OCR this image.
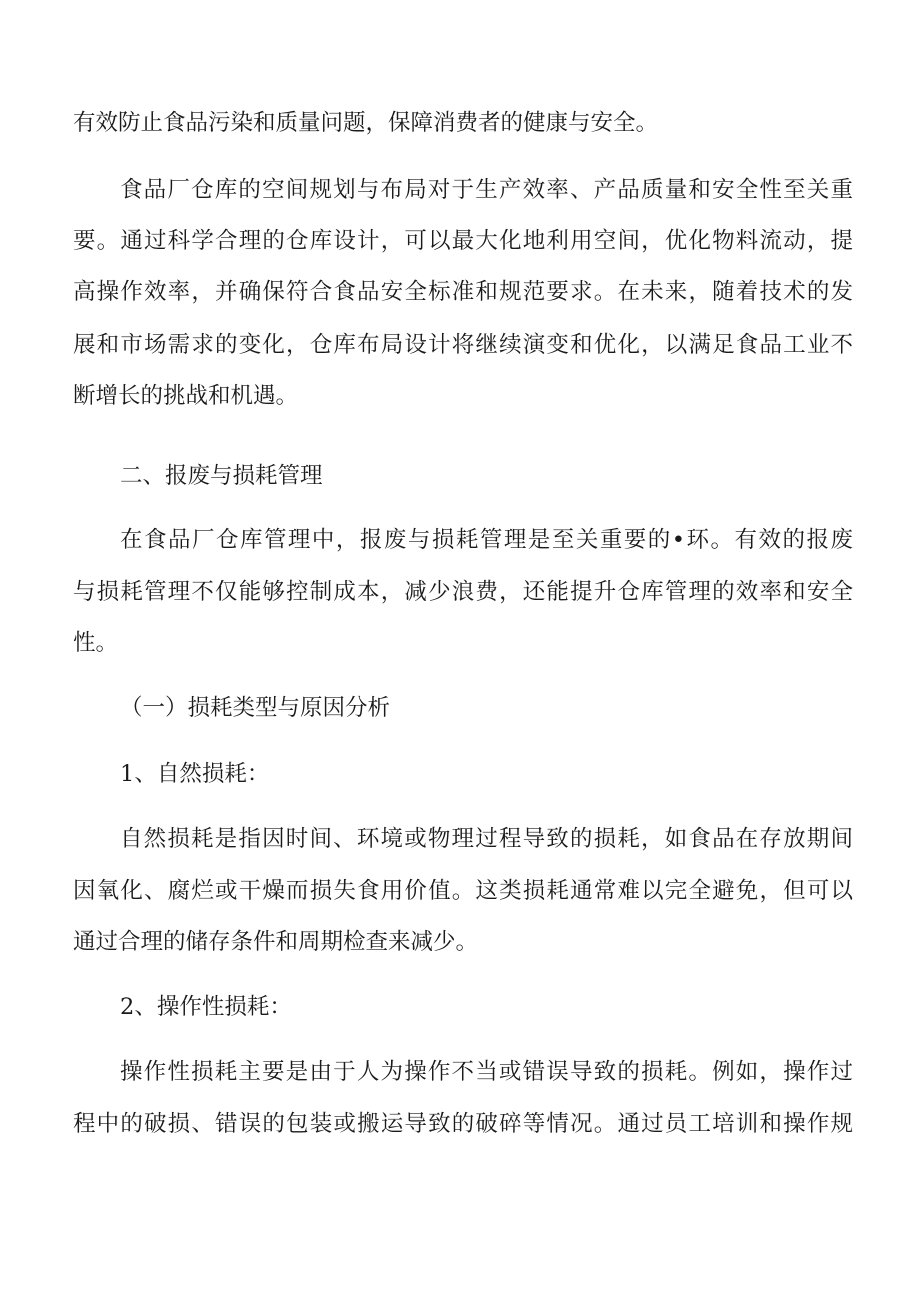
有效防止食品污染和质量问题，保障消费者的健康与安全。

食品厂仓库的空间规划与布局对于生产效率、产品质量和安全性至关重

要。通过科学合理的仓库设计，可以最大化地利用空间，优化物料流动，提

高操作效率，并确保符合食品安全标准和规范要求。在未来，随着技术的发

展和市场需求的变化，仓库布局设计将继续演变和优化，以满足食品工业不

断增长的挑战和机遇。

二、报废与损耗管理

在食品厂仓库管理中，报废与损耗管理是至关重要的•环。有效的报废

与损耗管理不仅能够控制成本，减少浪费，还能提升仓库管理的效率和安全

性。

（一）损耗类型与原因分析

1、自然损耗：

自然损耗是指因时间、环境或物理过程导致的损耗，如食品在存放期间

因氧化、腐烂或干燥而损失食用价值。这类损耗通常难以完全避免，但可以

通过合理的储存条件和周期检查来减少。

2、操作性损耗：

操作性损耗主要是由于人为操作不当或错误导致的损耗。例如，操作过

程中的破损、错误的包装或搬运导致的破碎等情况。通过员工培训和操作规
